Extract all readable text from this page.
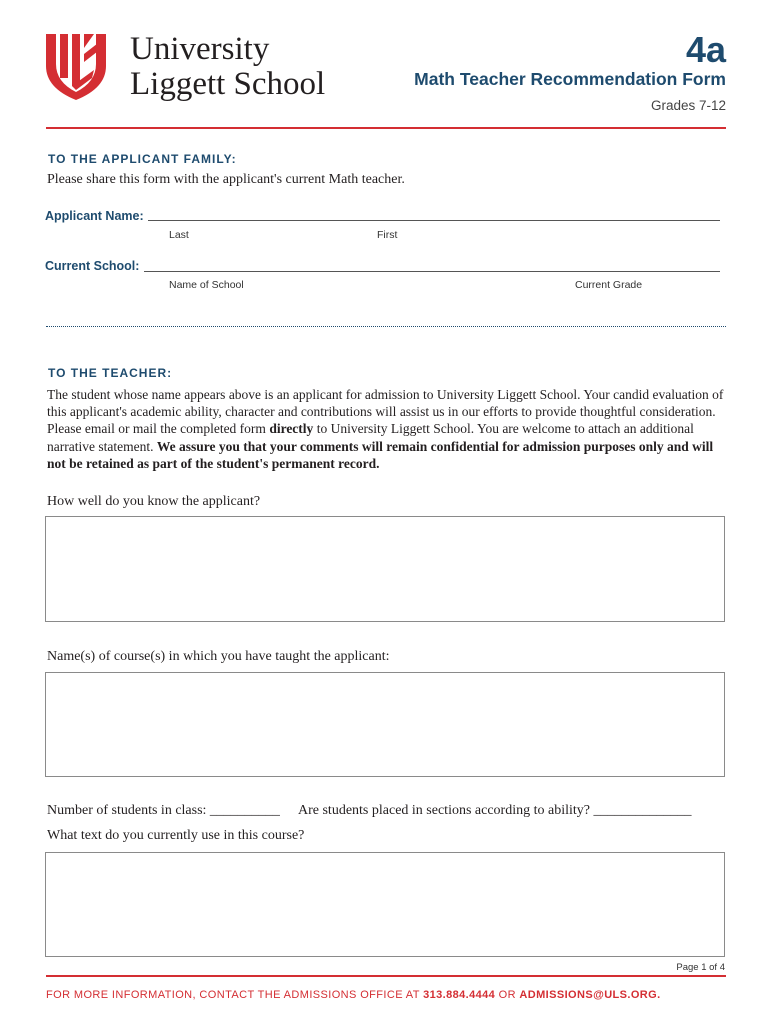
University
Liggett School
4a
Math Teacher Recommendation Form
Grades 7-12
TO THE APPLICANT FAMILY:
Please share this form with the applicant's current Math teacher.
Applicant Name:
Last	First
Current School:
Name of School	Current Grade
TO THE TEACHER:
The student whose name appears above is an applicant for admission to University Liggett School. Your candid evaluation of this applicant's academic ability, character and contributions will assist us in our efforts to provide thoughtful consideration. Please email or mail the completed form directly to University Liggett School. You are welcome to attach an additional narrative statement. We assure you that your comments will remain confidential for admission purposes only and will not be retained as part of the student's permanent record.
How well do you know the applicant?
Name(s) of course(s) in which you have taught the applicant:
Number of students in class: __________ Are students placed in sections according to ability? ______________
What text do you currently use in this course?
Page 1 of 4
FOR MORE INFORMATION, CONTACT THE ADMISSIONS OFFICE AT 313.884.4444 OR ADMISSIONS@ULS.ORG.
